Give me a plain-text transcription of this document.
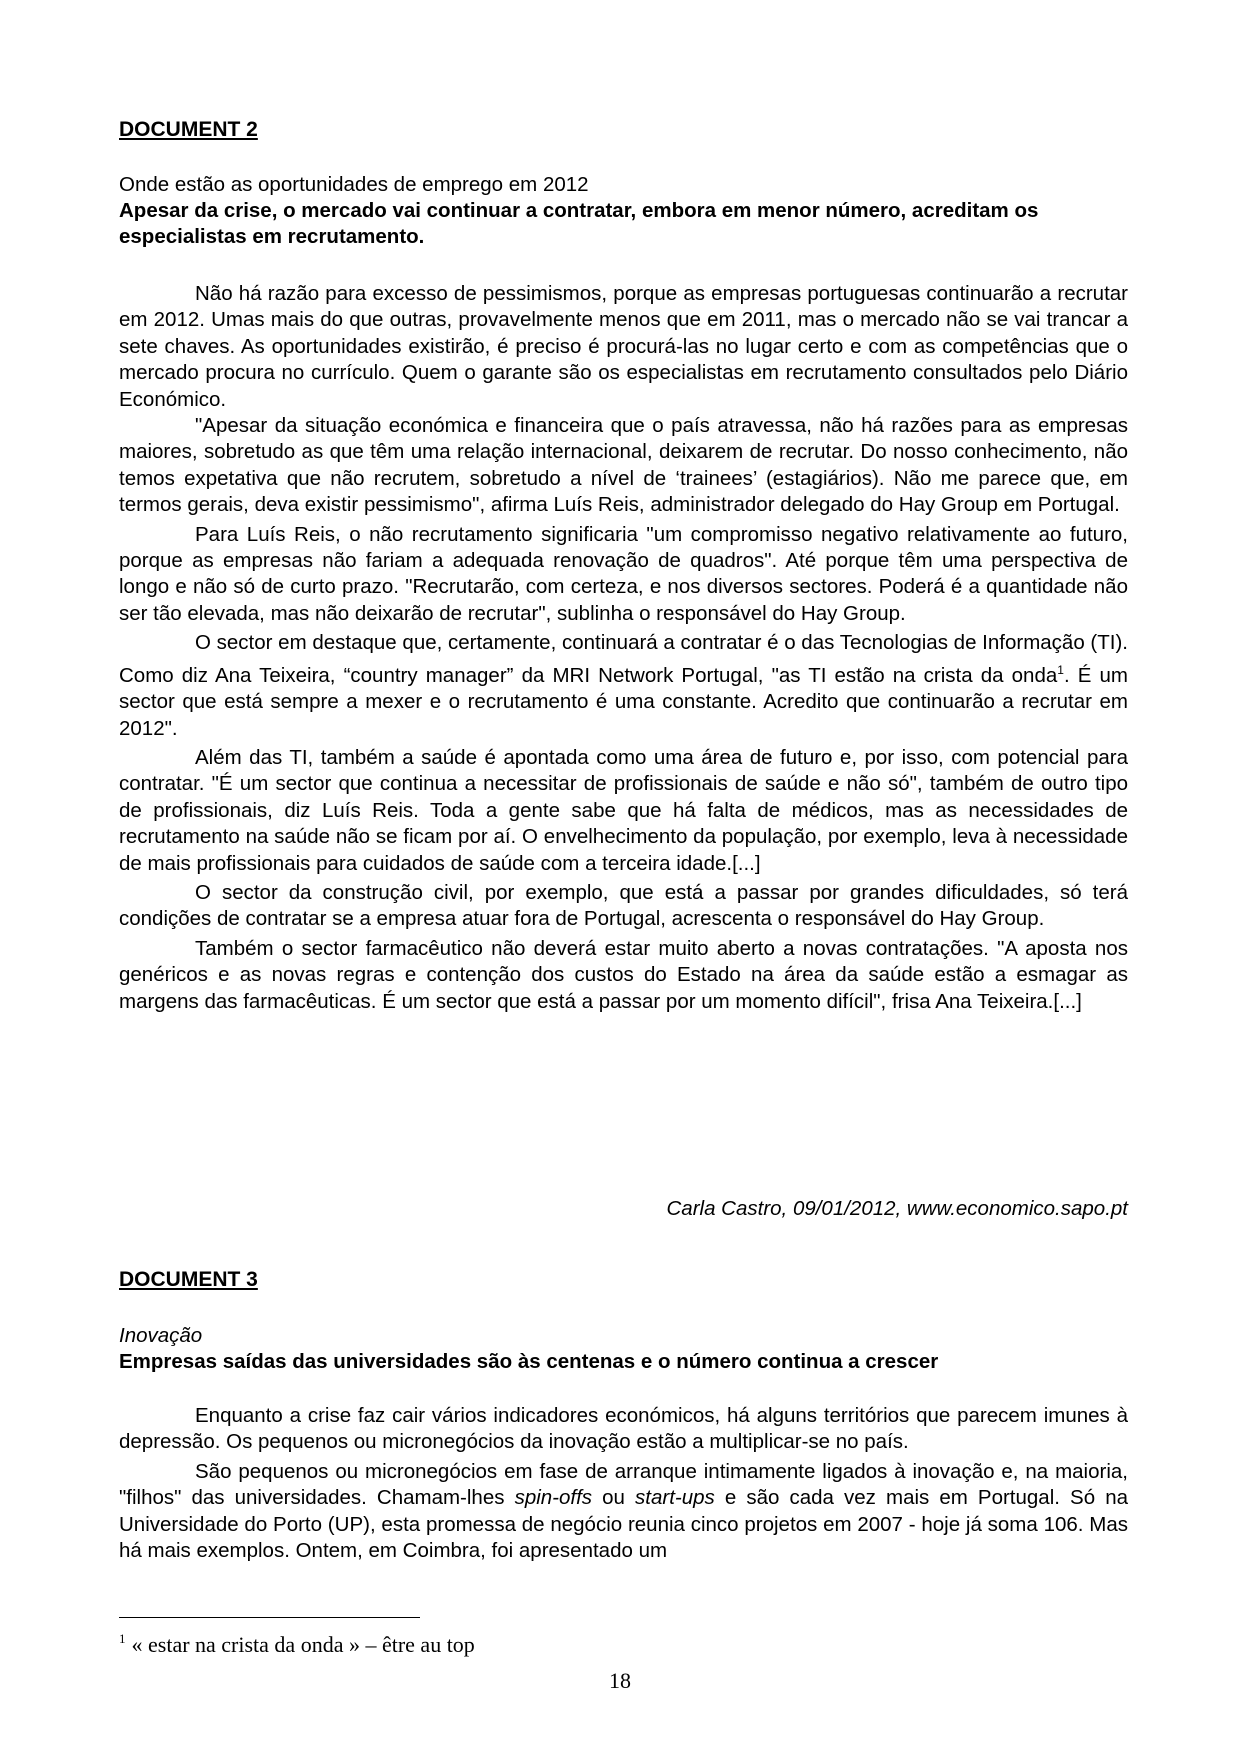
DOCUMENT 2

Onde estão as oportunidades de emprego em 2012

Apesar da crise, o mercado vai continuar a contratar, embora em menor número, acreditam os especialistas em recrutamento.

Não há razão para excesso de pessimismos, porque as empresas portuguesas continuarão a recrutar em 2012. Umas mais do que outras, provavelmente menos que em 2011, mas o mercado não se vai trancar a sete chaves. As oportunidades existirão, é preciso é procurá-las no lugar certo e com as competências que o mercado procura no currículo. Quem o garante são os especialistas em recrutamento consultados pelo Diário Económico.

"Apesar da situação económica e financeira que o país atravessa, não há razões para as empresas maiores, sobretudo as que têm uma relação internacional, deixarem de recrutar. Do nosso conhecimento, não temos expetativa que não recrutem, sobretudo a nível de ‘trainees’ (estagiários). Não me parece que, em termos gerais, deva existir pessimismo", afirma Luís Reis, administrador delegado do Hay Group em Portugal.

Para Luís Reis, o não recrutamento significaria "um compromisso negativo relativamente ao futuro, porque as empresas não fariam a adequada renovação de quadros". Até porque têm uma perspectiva de longo e não só de curto prazo. "Recrutarão, com certeza, e nos diversos sectores. Poderá é a quantidade não ser tão elevada, mas não deixarão de recrutar", sublinha o responsável do Hay Group.

O sector em destaque que, certamente, continuará a contratar é o das Tecnologias de Informação (TI). Como diz Ana Teixeira, “country manager” da MRI Network Portugal, "as TI estão na crista da onda$^1$. É um sector que está sempre a mexer e o recrutamento é uma constante. Acredito que continuarão a recrutar em 2012".

Além das TI, também a saúde é apontada como uma área de futuro e, por isso, com potencial para contratar. "É um sector que continua a necessitar de profissionais de saúde e não só", também de outro tipo de profissionais, diz Luís Reis. Toda a gente sabe que há falta de médicos, mas as necessidades de recrutamento na saúde não se ficam por aí. O envelhecimento da população, por exemplo, leva à necessidade de mais profissionais para cuidados de saúde com a terceira idade.[...]

O sector da construção civil, por exemplo, que está a passar por grandes dificuldades, só terá condições de contratar se a empresa atuar fora de Portugal, acrescenta o responsável do Hay Group.

Também o sector farmacêutico não deverá estar muito aberto a novas contratações. "A aposta nos genéricos e as novas regras e contenção dos custos do Estado na área da saúde estão a esmagar as margens das farmacêuticas. É um sector que está a passar por um momento difícil", frisa Ana Teixeira.[...]

Carla Castro, 09/01/2012, www.economico.sapo.pt
DOCUMENT 3

Inovação

Empresas saídas das universidades são às centenas e o número continua a crescer

Enquanto a crise faz cair vários indicadores económicos, há alguns territórios que parecem imunes à depressão. Os pequenos ou micronegócios da inovação estão a multiplicar-se no país.

São pequenos ou micronegócios em fase de arranque intimamente ligados à inovação e, na maioria, "filhos" das universidades. Chamam-lhes spin-offs ou start-ups e são cada vez mais em Portugal. Só na Universidade do Porto (UP), esta promessa de negócio reunia cinco projetos em 2007 - hoje já soma 106. Mas há mais exemplos. Ontem, em Coimbra, foi apresentado um

$^1$ « estar na crista da onda » – être au top
18
